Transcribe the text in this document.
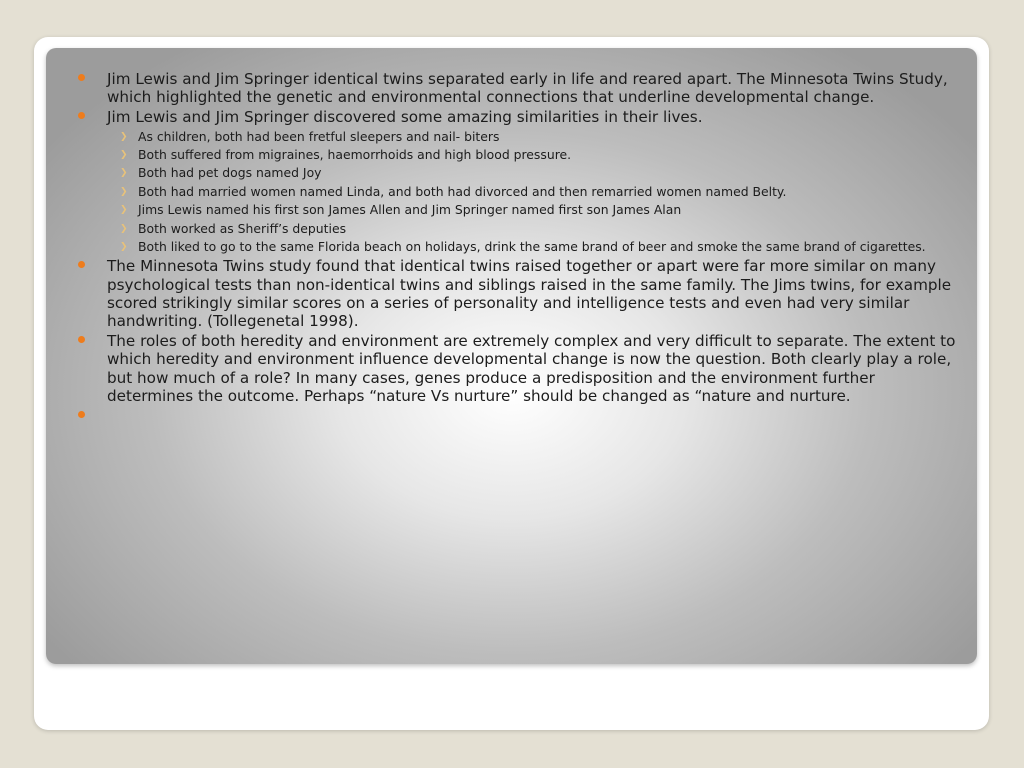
Jim Lewis and Jim Springer identical twins separated early in life and reared apart. The Minnesota Twins Study, which highlighted the genetic and environmental connections that underline developmental change.
Jim Lewis and Jim Springer discovered some amazing similarities in their lives.
❯ As children, both had been fretful sleepers and nail- biters
❯ Both suffered from migraines, haemorrhoids and high blood pressure.
❯ Both had pet dogs named Joy
❯ Both had married women named Linda, and both had divorced and then remarried women named Belty.
❯ Jims Lewis named his first son James Allen and Jim Springer named first son James Alan
❯ Both worked as Sheriff’s deputies
❯ Both liked to go to the same Florida beach on holidays, drink the same brand of beer and smoke the same brand of cigarettes.
The Minnesota Twins study found that identical twins raised together or apart were far more similar on many psychological tests than non-identical twins and siblings raised in the same family. The Jims twins, for example scored strikingly similar scores on a series of personality and intelligence tests and even had very similar handwriting. (Tollegenetal 1998).
The roles of both heredity and environment are extremely complex and very difficult to separate. The extent to which heredity and environment influence developmental change is now the question. Both clearly play a role, but how much of a role? In many cases, genes produce a predisposition and the environment further determines the outcome. Perhaps “nature Vs nurture” should be changed as “nature and nurture.
